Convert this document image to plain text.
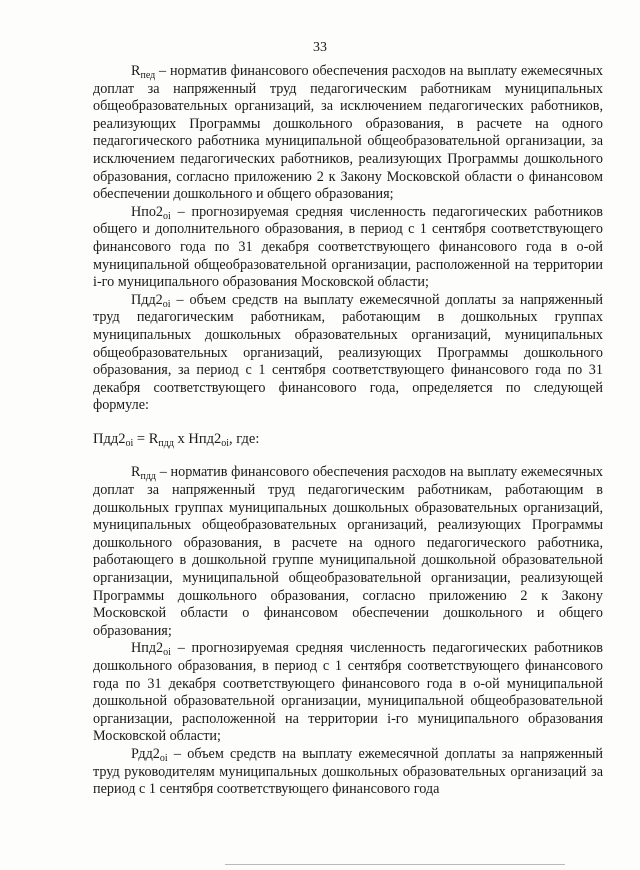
33

$R_{пед}$ – норматив финансового обеспечения расходов на выплату ежемесячных доплат за напряженный труд педагогическим работникам муниципальных общеобразовательных организаций, за исключением педагогических работников, реализующих Программы дошкольного образования, в расчете на одного педагогического работника муниципальной общеобразовательной организации, за исключением педагогических работников, реализующих Программы дошкольного образования, согласно приложению 2 к Закону Московской области о финансовом обеспечении дошкольного и общего образования;

$Нпо2_{oi}$ – прогнозируемая средняя численность педагогических работников общего и дополнительного образования, в период с 1 сентября соответствующего финансового года по 31 декабря соответствующего финансового года в о-ой муниципальной общеобразовательной организации, расположенной на территории i-го муниципального образования Московской области;

$Пдд2_{oi}$ – объем средств на выплату ежемесячной доплаты за напряженный труд педагогическим работникам, работающим в дошкольных группах муниципальных дошкольных образовательных организаций, муниципальных общеобразовательных организаций, реализующих Программы дошкольного образования, за период с 1 сентября соответствующего финансового года по 31 декабря соответствующего финансового года, определяется по следующей формуле:

$Пдд2_{oi} = R_{пдд}$ х $Нпд2_{oi}$, где:

$R_{пдд}$ – норматив финансового обеспечения расходов на выплату ежемесячных доплат за напряженный труд педагогическим работникам, работающим в дошкольных группах муниципальных дошкольных образовательных организаций, муниципальных общеобразовательных организаций, реализующих Программы дошкольного образования, в расчете на одного педагогического работника, работающего в дошкольной группе муниципальной дошкольной образовательной организации, муниципальной общеобразовательной организации, реализующей Программы дошкольного образования, согласно приложению 2 к Закону Московской области о финансовом обеспечении дошкольного и общего образования;

$Нпд2_{oi}$ – прогнозируемая средняя численность педагогических работников дошкольного образования, в период с 1 сентября соответствующего финансового года по 31 декабря соответствующего финансового года в о-ой муниципальной дошкольной образовательной организации, муниципальной общеобразовательной организации, расположенной на территории i-го муниципального образования Московской области;

$Рдд2_{oi}$ – объем средств на выплату ежемесячной доплаты за напряженный труд руководителям муниципальных дошкольных образовательных организаций за период с 1 сентября соответствующего финансового года
